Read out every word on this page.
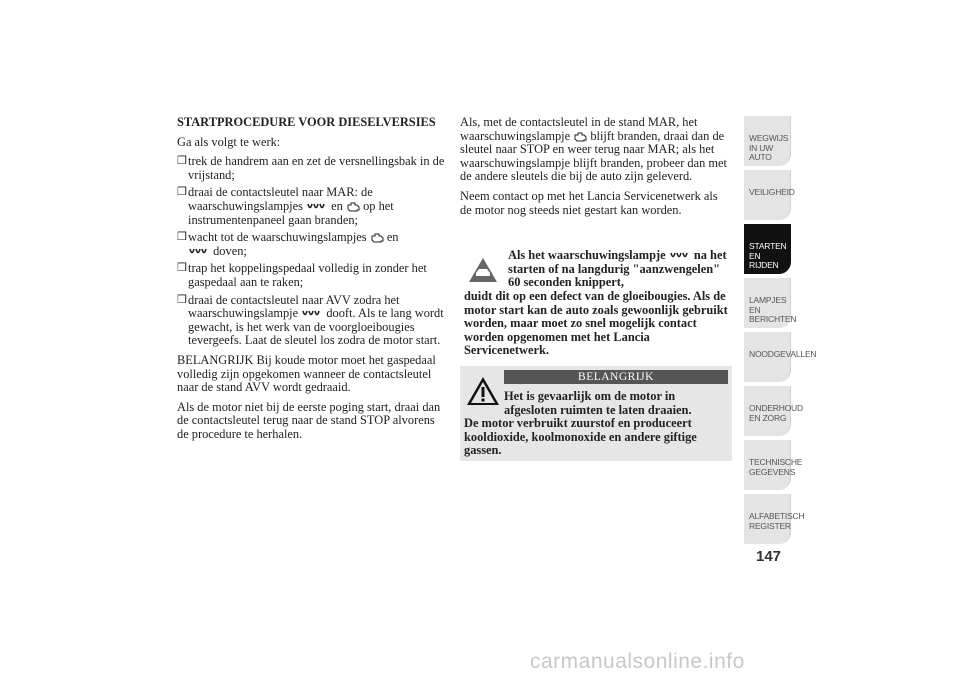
STARTPROCEDURE VOOR DIESELVERSIES

Ga als volgt te werk:

❒ trek de handrem aan en zet de versnellingsbak in de vrijstand;
❒ draai de contactsleutel naar MAR: de waarschuwingslampjes en op het instrumentenpaneel gaan branden;
❒ wacht tot de waarschuwingslampjes en
doven;
❒ trap het koppelingspedaal volledig in zonder het gaspedaal aan te raken;
❒ draai de contactsleutel naar AVV zodra het waarschuwingslampje dooft. Als te lang wordt gewacht, is het werk van de voorgloeibougies tevergeefs. Laat de sleutel los zodra de motor start.

BELANGRIJK Bij koude motor moet het gaspedaal volledig zijn opgekomen wanneer de contactsleutel naar de stand AVV wordt gedraaid.

Als de motor niet bij de eerste poging start, draai dan de contactsleutel terug naar de stand STOP alvorens de procedure te herhalen.

Als, met de contactsleutel in de stand MAR, het waarschuwingslampje blijft branden, draai dan de sleutel naar STOP en weer terug naar MAR; als het waarschuwingslampje blijft branden, probeer dan met de andere sleutels die bij de auto zijn geleverd.

Neem contact op met het Lancia Servicenetwerk als de motor nog steeds niet gestart kan worden.

Als het waarschuwingslampje na het starten of na langdurig "aanzwengelen" 60 seconden knippert,
duidt dit op een defect van de gloeibougies. Als de motor start kan de auto zoals gewoonlijk gebruikt worden, maar moet zo snel mogelijk contact worden opgenomen met het Lancia Servicenetwerk.
BELANGRIJK
Het is gevaarlijk om de motor in afgesloten ruimten te laten draaien.
De motor verbruikt zuurstof en produceert kooldioxide, koolmonoxide en andere giftige gassen.
WEGWIJS IN UW AUTO
VEILIGHEID
STARTEN EN RIJDEN
LAMPJES EN BERICHTEN
NOODGEVALLEN
ONDERHOUD EN ZORG
TECHNISCHE GEGEVENS
ALFABETISCH REGISTER
147
carmanualsonline.info
